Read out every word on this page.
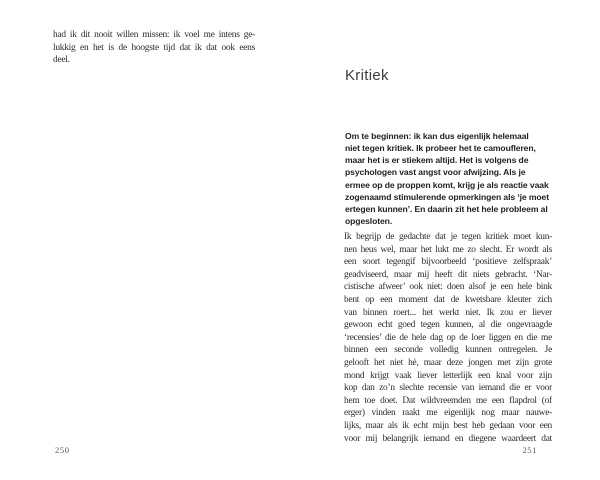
had ik dit nooit willen missen: ik voel me intens ge-
lukkig en het is de hoogste tijd dat ik dat ook eens
deel.
250
Kritiek
Om te beginnen: ik kan dus eigenlijk helemaal
niet tegen kritiek. Ik probeer het te camoufleren,
maar het is er stiekem altijd. Het is volgens de
psychologen vast angst voor afwijzing. Als je
ermee op de proppen komt, krijg je als reactie vaak
zogenaamd stimulerende opmerkingen als ‘je moet
ertegen kunnen’. En daarin zit het hele probleem al
opgesloten.
Ik begrijp de gedachte dat je tegen kritiek moet kun-
nen heus wel, maar het lukt me zo slecht. Er wordt als
een soort tegengif bijvoorbeeld ‘positieve zelfspraak’
geadviseerd, maar mij heeft dit niets gebracht. ‘Nar-
cistische afweer’ ook niet: doen alsof je een hele bink
bent op een moment dat de kwetsbare kleuter zich
van binnen roert... het werkt niet. Ik zou er liever
gewoon echt goed tegen kunnen, al die ongevraagde
‘recensies’ die de hele dag op de loer liggen en die me
binnen een seconde volledig kunnen ontregelen. Je
gelooft het niet hè, maar deze jongen met zijn grote
mond krijgt vaak liever letterlijk een knal voor zijn
kop dan zo’n slechte recensie van iemand die er voor
hem toe doet. Dat wildvreemden me een flapdrol (of
erger) vinden raakt me eigenlijk nog maar nauwe-
lijks, maar als ik echt mijn best heb gedaan voor een
voor mij belangrijk iemand en diegene waardeert dat
251
